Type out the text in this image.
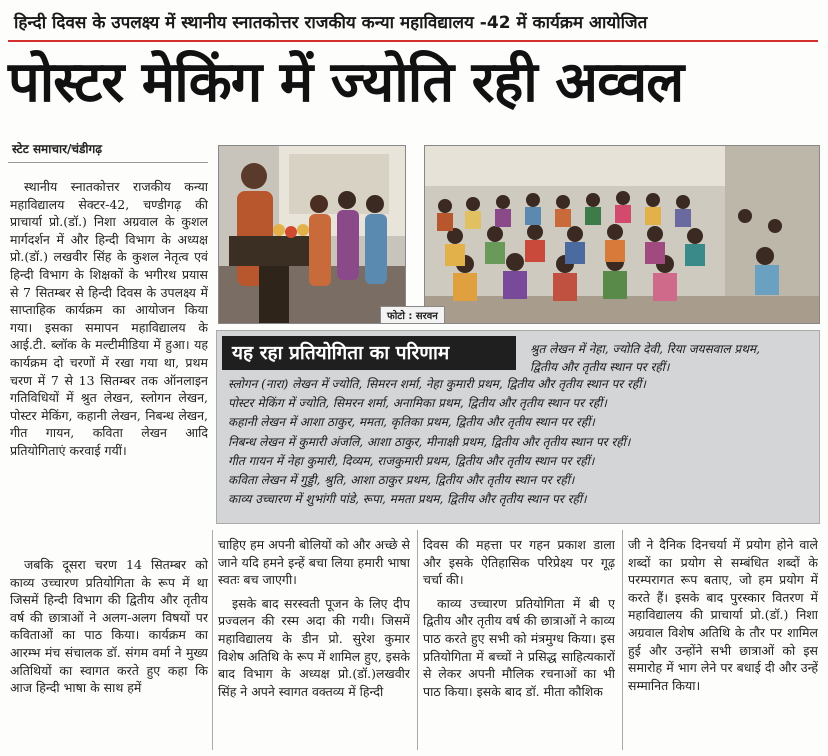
हिन्दी दिवस के उपलक्ष्य में स्थानीय स्नातकोत्तर राजकीय कन्या महाविद्यालय -42 में कार्यक्रम आयोजित
पोस्टर मेकिंग में ज्योति रही अव्वल
स्टेट समाचार/चंडीगढ़

स्थानीय स्नातकोत्तर राजकीय कन्या महाविद्यालय सेक्टर-42, चण्डीगढ़ की प्राचार्या प्रो.(डॉ.) निशा अग्रवाल के कुशल मार्गदर्शन में और हिन्दी विभाग के अध्यक्ष प्रो.(डॉ.) लखवीर सिंह के कुशल नेतृत्व एवं हिन्दी विभाग के शिक्षकों के भगीरथ प्रयास से 7 सितम्बर से हिन्दी दिवस के उपलक्ष्य में साप्ताहिक कार्यक्रम का आयोजन किया गया। इसका समापन महाविद्यालय के आई.टी. ब्लॉक के मल्टीमीडिया में हुआ। यह कार्यक्रम दो चरणों में रखा गया था, प्रथम चरण में 7 से 13 सितम्बर तक ऑनलाइन गतिविधियों में श्रुत लेखन, स्लोगन लेखन, पोस्टर मेकिंग, कहानी लेखन, निबन्ध लेखन, गीत गायन, कविता लेखन आदि प्रतियोगिताएं करवाई गयीं।

जबकि दूसरा चरण 14 सितम्बर को काव्य उच्चारण प्रतियोगिता के रूप में था जिसमें हिन्दी विभाग की द्वितीय और तृतीय वर्ष की छात्राओं ने अलग-अलग विषयों पर कविताओं का पाठ किया। कार्यक्रम का आरम्भ मंच संचालक डॉ. संगम वर्मा ने मुख्य अतिथियों का स्वागत करते हुए कहा कि आज हिन्दी भाषा के साथ हमें

फोटो : सरवन
यह रहा प्रतियोगिता का परिणाम	श्रुत लेखन में नेहा, ज्योति देवी, रिया जयसवाल प्रथम,
द्वितीय और तृतीय स्थान पर रहीं।
स्लोगन (नारा) लेखन में ज्योति, सिमरन शर्मा, नेहा कुमारी प्रथम, द्वितीय और तृतीय स्थान पर रहीं।
पोस्टर मेकिंग में ज्योति, सिमरन शर्मा, अनामिका प्रथम, द्वितीय और तृतीय स्थान पर रहीं।
कहानी लेखन में आशा ठाकुर, ममता, कृतिका प्रथम, द्वितीय और तृतीय स्थान पर रहीं।
निबन्ध लेखन में कुमारी अंजलि, आशा ठाकुर, मीनाक्षी प्रथम, द्वितीय और तृतीय स्थान पर रहीं।
गीत गायन में नेहा कुमारी, दिव्यम, राजकुमारी प्रथम, द्वितीय और तृतीय स्थान पर रहीं।
कविता लेखन में गुड्डी, श्रुति, आशा ठाकुर प्रथम, द्वितीय और तृतीय स्थान पर रहीं।
काव्य उच्चारण में शुभांगी पांडे, रूपा, ममता प्रथम, द्वितीय और तृतीय स्थान पर रहीं।

चाहिए हम अपनी बोलियों को और अच्छे से जाने यदि हमने इन्हें बचा लिया हमारी भाषा स्वतः बच जाएगी।

इसके बाद सरस्वती पूजन के लिए दीप प्रज्वलन की रस्म अदा की गयी। जिसमें महाविद्यालय के डीन प्रो. सुरेश कुमार विशेष अतिथि के रूप में शामिल हुए, इसके बाद विभाग के अध्यक्ष प्रो.(डॉ.)लखवीर सिंह ने अपने स्वागत वक्तव्य में हिन्दी

दिवस की महत्ता पर गहन प्रकाश डाला और इसके ऐतिहासिक परिप्रेक्ष्य पर गूढ़ चर्चा की।

काव्य उच्चारण प्रतियोगिता में बी ए द्वितीय और तृतीय वर्ष की छात्राओं ने काव्य पाठ करते हुए सभी को मंत्रमुग्ध किया। इस प्रतियोगिता में बच्चों ने प्रसिद्ध साहित्यकारों से लेकर अपनी मौलिक रचनाओं का भी पाठ किया। इसके बाद डॉ. मीता कौशिक

जी ने दैनिक दिनचर्या में प्रयोग होने वाले शब्दों का प्रयोग से सम्बंधित शब्दों के परम्परागत रूप बताए, जो हम प्रयोग में करते हैं। इसके बाद पुरस्कार वितरण में महाविद्यालय की प्राचार्या प्रो.(डॉ.) निशा अग्रवाल विशेष अतिथि के तौर पर शामिल हुई और उन्होंने सभी छात्राओं को इस समारोह में भाग लेने पर बधाई दी और उन्हें सम्मानित किया।
